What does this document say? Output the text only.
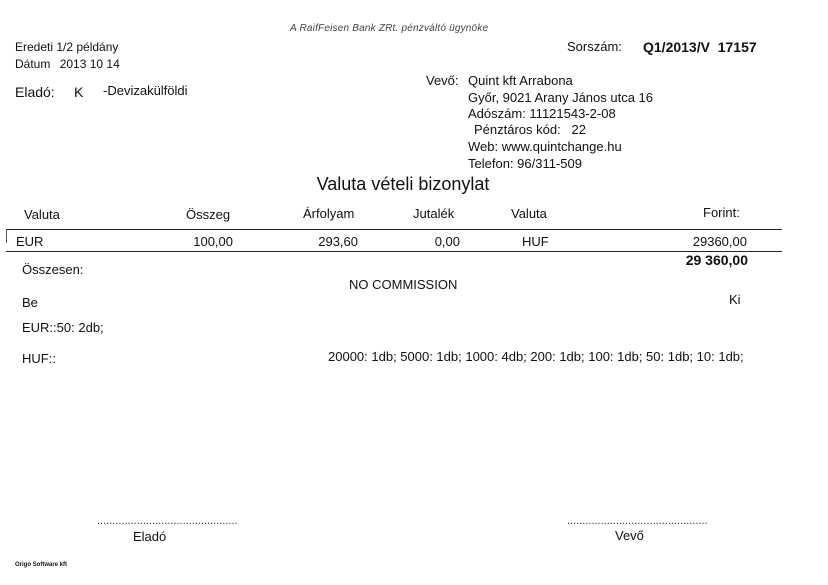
A RaifFeisen Bank ZRt. pénzváltó ügynöke
Eredeti 1/2 példány
Dátum 2013 10 14
Sorszám: Q1/2013/V  17157
Eladó: K -Devizakülföldi
Vevő: Quint kft Arrabona
Győr, 9021 Arany János utca 16
Adószám: 11121543-2-08
Pénztáros kód:   22
Web: www.quintchange.hu
Telefon: 96/311-509
Valuta vételi bizonylat
Valuta	Összeg	Árfolyam	Jutalék	Valuta	Forint:
EUR	100,00	293,60	0,00	HUF	29360,00
Összesen:
29 360,00
NO COMMISSION
Be	Ki
EUR::50: 2db;
HUF::	20000: 1db; 5000: 1db; 1000: 4db; 200: 1db; 100: 1db; 50: 1db; 10: 1db;
..............................................
Eladó
..............................................
Vevő
Origo Software kft
